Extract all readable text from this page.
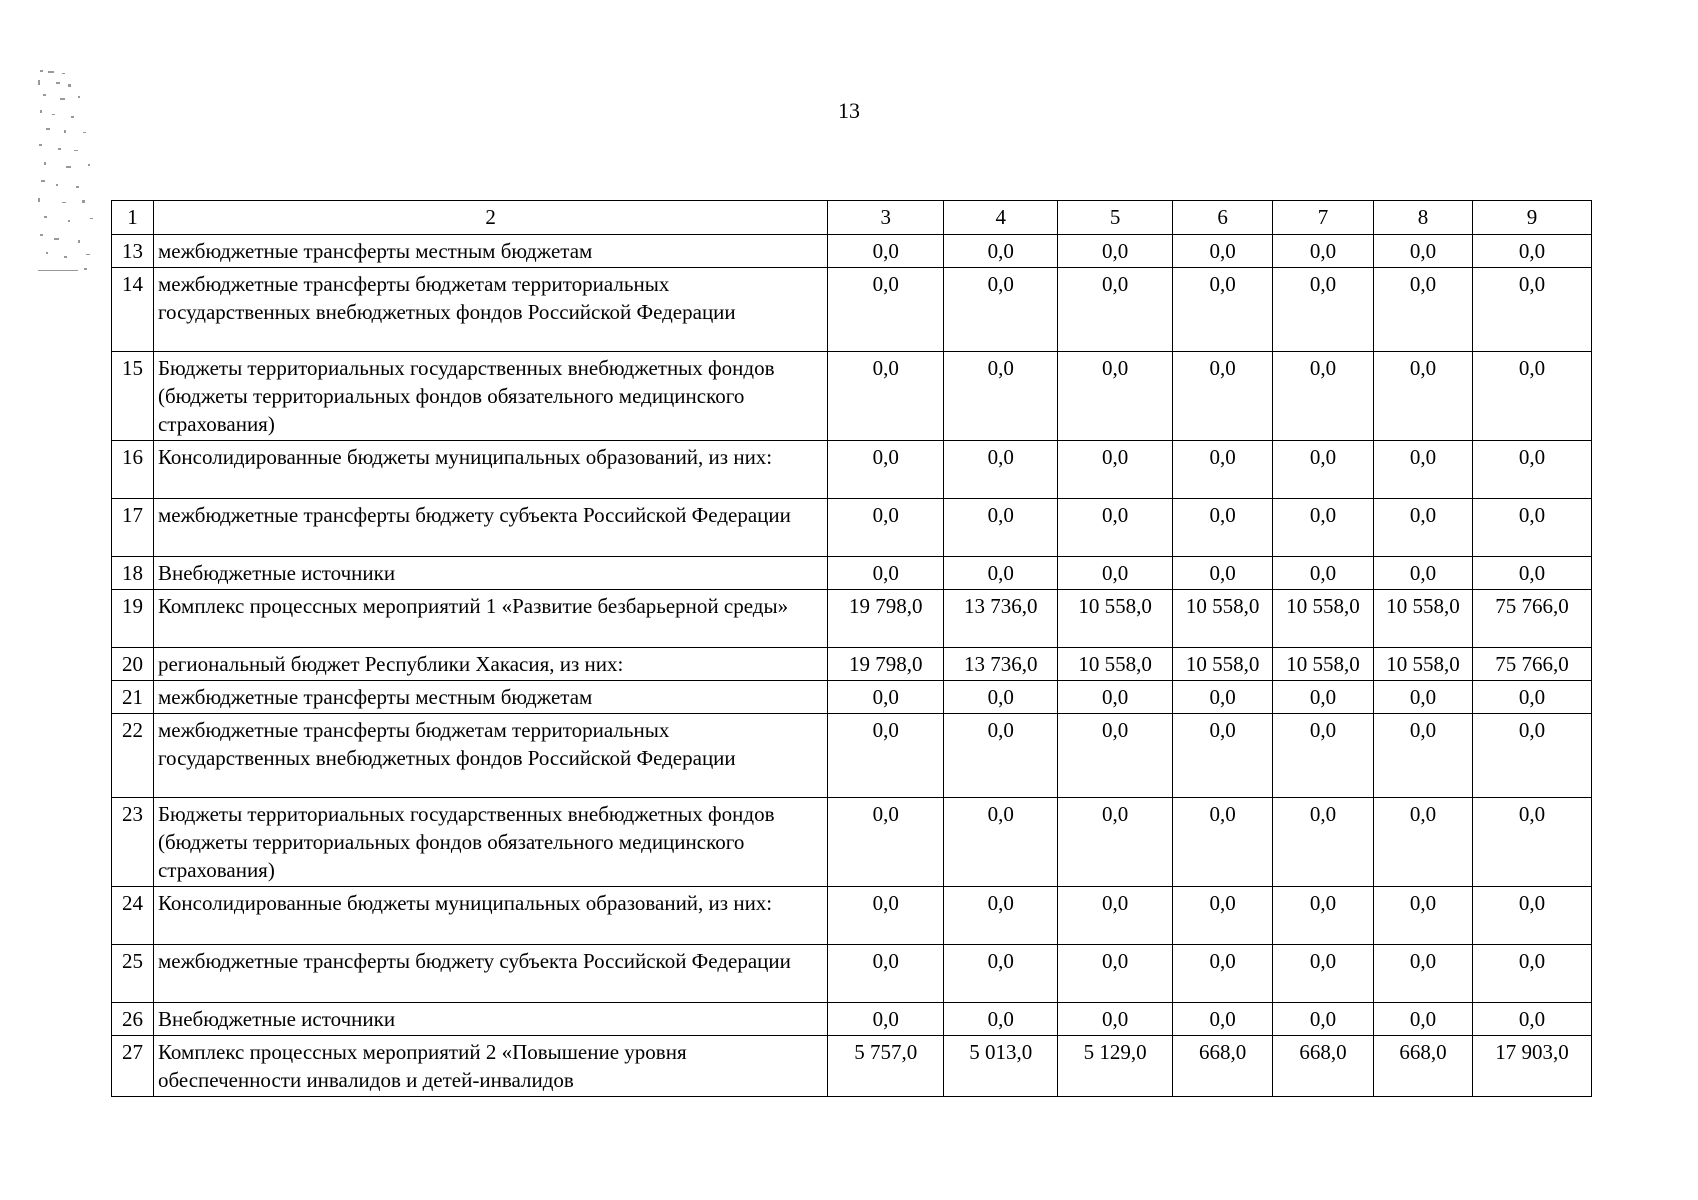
13
1	2	3	4	5	6	7	8	9
13	межбюджетные трансферты местным бюджетам	0,0	0,0	0,0	0,0	0,0	0,0	0,0
14	межбюджетные трансферты бюджетам территориальных государственных внебюджетных фондов Российской Федерации	0,0	0,0	0,0	0,0	0,0	0,0	0,0
15	Бюджеты территориальных государственных внебюджетных фондов (бюджеты территориальных фондов обязательного медицинского страхования)	0,0	0,0	0,0	0,0	0,0	0,0	0,0
16	Консолидированные бюджеты муниципальных образований, из них:	0,0	0,0	0,0	0,0	0,0	0,0	0,0
17	межбюджетные трансферты бюджету субъекта Российской Федерации	0,0	0,0	0,0	0,0	0,0	0,0	0,0
18	Внебюджетные источники	0,0	0,0	0,0	0,0	0,0	0,0	0,0
19	Комплекс процессных мероприятий 1 «Развитие безбарьерной среды»	19 798,0	13 736,0	10 558,0	10 558,0	10 558,0	10 558,0	75 766,0
20	региональный бюджет Республики Хакасия, из них:	19 798,0	13 736,0	10 558,0	10 558,0	10 558,0	10 558,0	75 766,0
21	межбюджетные трансферты местным бюджетам	0,0	0,0	0,0	0,0	0,0	0,0	0,0
22	межбюджетные трансферты бюджетам территориальных государственных внебюджетных фондов Российской Федерации	0,0	0,0	0,0	0,0	0,0	0,0	0,0
23	Бюджеты территориальных государственных внебюджетных фондов (бюджеты территориальных фондов обязательного медицинского страхования)	0,0	0,0	0,0	0,0	0,0	0,0	0,0
24	Консолидированные бюджеты муниципальных образований, из них:	0,0	0,0	0,0	0,0	0,0	0,0	0,0
25	межбюджетные трансферты бюджету субъекта Российской Федерации	0,0	0,0	0,0	0,0	0,0	0,0	0,0
26	Внебюджетные источники	0,0	0,0	0,0	0,0	0,0	0,0	0,0
27	Комплекс процессных мероприятий 2 «Повышение уровня обеспеченности инвалидов и детей-инвалидов	5 757,0	5 013,0	5 129,0	668,0	668,0	668,0	17 903,0
